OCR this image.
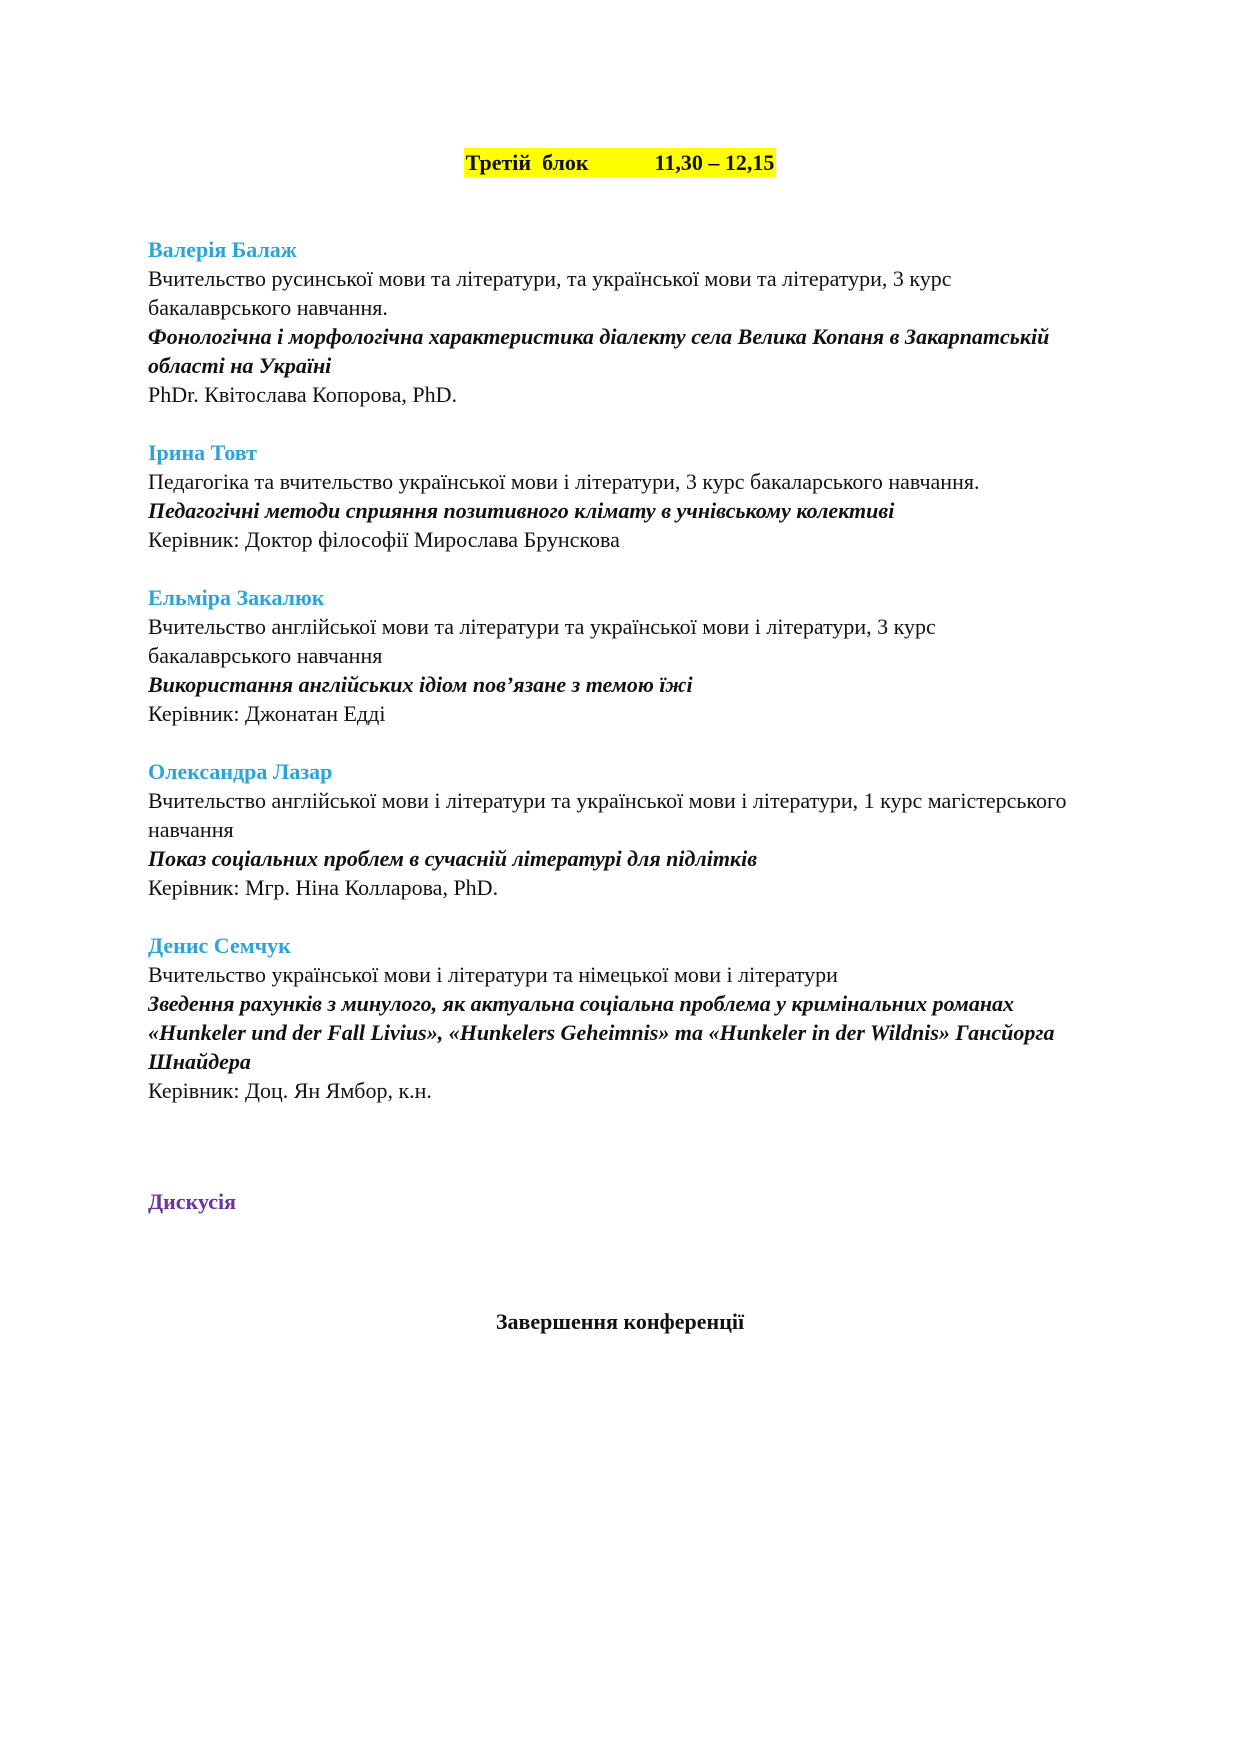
Третій  блок            11,30 – 12,15
Валерія Балаж
Вчительство русинської мови та літератури, та української мови та літератури, 3 курс бакалаврського навчання.
Фонологічна і морфологічна характеристика діалекту села Велика Копаня в Закарпатській області на Україні
PhDr. Квітослава Копорова, PhD.
Ірина Товт
Педагогіка та вчительство української мови і літератури, 3 курс бакаларського навчання.
Педагогічні методи сприяння позитивного клімату в учнівському колективі
Керівник: Доктор філософії Мирослава Брунскова
Ельміра Закалюк
Вчительство англійської мови та літератури та української мови і літератури, 3 курс бакалаврського навчання
Використання англійських ідіом пов’язане з темою їжі
Керівник: Джонатан Едді
Олександра Лазар
Вчительство англійської мови і літератури та української мови і літератури, 1 курс магістерського навчання
Показ соціальних проблем в сучасній літературі для підлітків
Керівник: Мгр. Ніна Колларова, PhD.
Денис Семчук
Вчительство української мови і літератури та німецької мови і літератури
Зведення рахунків з минулого, як актуальна соціальна проблема у кримінальних романах «Hunkeler und der Fall Livius», «Hunkelers Geheimnis» та «Hunkeler in der Wildnis» Гансйорга Шнайдера
Керівник: Доц. Ян Ямбор, к.н.
Дискусія
Завершення конференції
